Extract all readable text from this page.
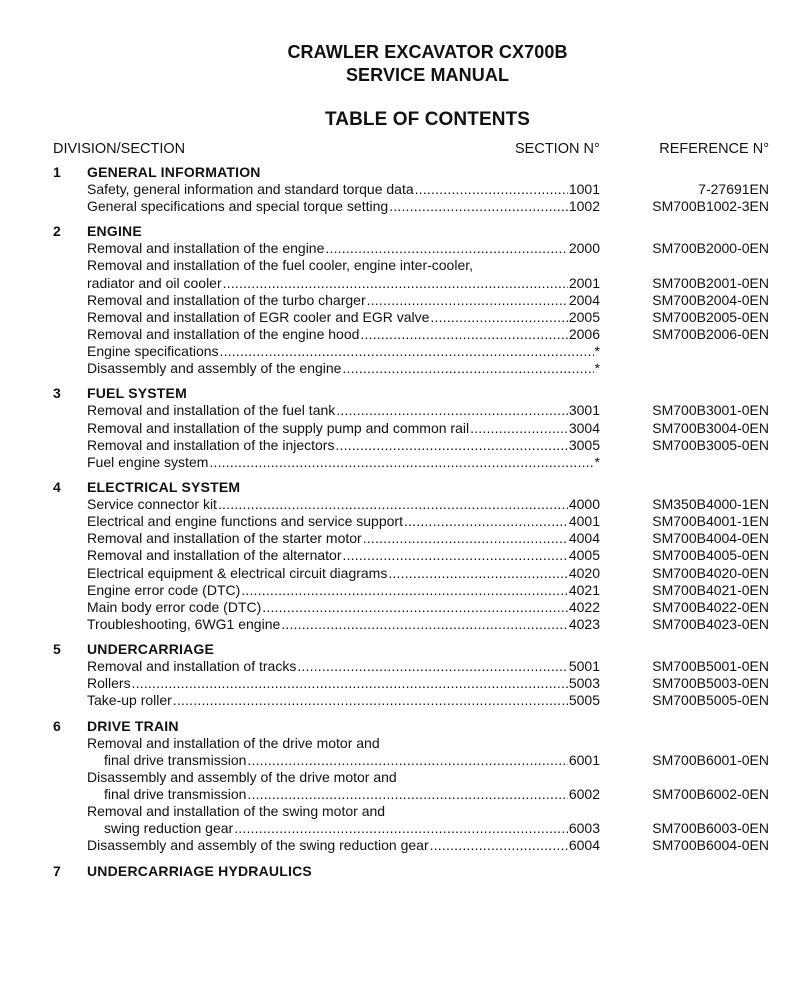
CRAWLER EXCAVATOR CX700B
SERVICE MANUAL
TABLE OF CONTENTS
DIVISION/SECTION	SECTION N°	REFERENCE N°
1 GENERAL INFORMATION
Safety, general information and standard torque data .....	1001	7-27691EN
General specifications and special torque setting .....	1002	SM700B1002-3EN
2 ENGINE
Removal and installation of the engine .....	2000	SM700B2000-0EN
Removal and installation of the fuel cooler, engine inter-cooler,
radiator and oil cooler .....	2001	SM700B2001-0EN
Removal and installation of the turbo charger .....	2004	SM700B2004-0EN
Removal and installation of EGR cooler and EGR valve .....	2005	SM700B2005-0EN
Removal and installation of the engine hood .....	2006	SM700B2006-0EN
Engine specifications .....	*
Disassembly and assembly of the engine .....	*
3 FUEL SYSTEM
Removal and installation of the fuel tank .....	3001	SM700B3001-0EN
Removal and installation of the supply pump and common rail .....	3004	SM700B3004-0EN
Removal and installation of the injectors .....	3005	SM700B3005-0EN
Fuel engine system .....	*
4 ELECTRICAL SYSTEM
Service connector kit .....	4000	SM350B4000-1EN
Electrical and engine functions and service support .....	4001	SM700B4001-1EN
Removal and installation of the starter motor .....	4004	SM700B4004-0EN
Removal and installation of the alternator .....	4005	SM700B4005-0EN
Electrical equipment & electrical circuit diagrams .....	4020	SM700B4020-0EN
Engine error code (DTC) .....	4021	SM700B4021-0EN
Main body error code (DTC) .....	4022	SM700B4022-0EN
Troubleshooting, 6WG1 engine .....	4023	SM700B4023-0EN
5 UNDERCARRIAGE
Removal and installation of tracks .....	5001	SM700B5001-0EN
Rollers .....	5003	SM700B5003-0EN
Take-up roller .....	5005	SM700B5005-0EN
6 DRIVE TRAIN
Removal and installation of the drive motor and
final drive transmission .....	6001	SM700B6001-0EN
Disassembly and assembly of the drive motor and
final drive transmission .....	6002	SM700B6002-0EN
Removal and installation of the swing motor and
swing reduction gear .....	6003	SM700B6003-0EN
Disassembly and assembly of the swing reduction gear .....	6004	SM700B6004-0EN
7 UNDERCARRIAGE HYDRAULICS
